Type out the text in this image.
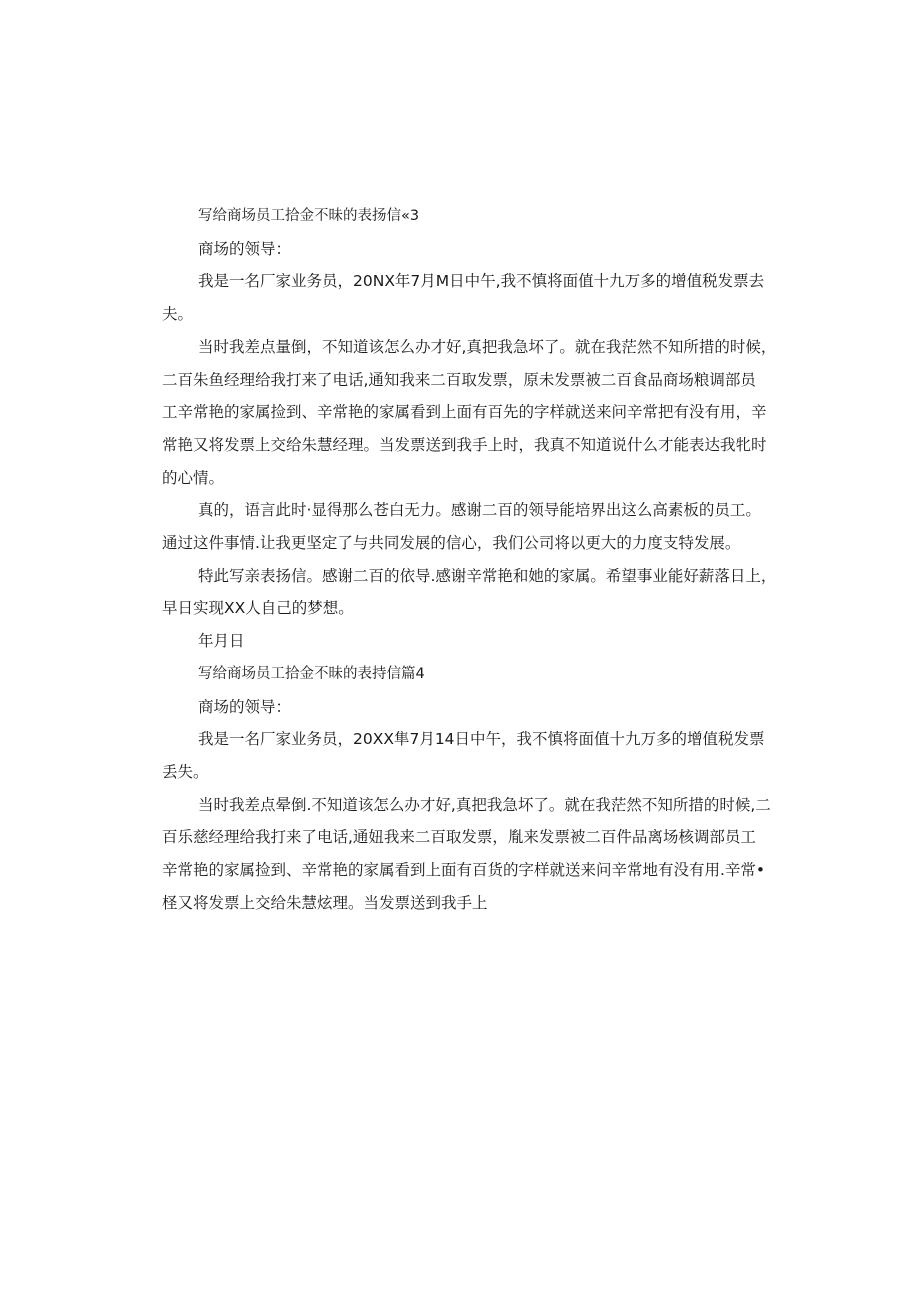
写给商场员工拾金不昧的表扬信«3

商场的领导：

我是一名厂家业务员，20NX年7月M日中午,我不慎将面值十九万多的增值税发票去

夫。

当时我差点量倒，不知道该怎么办才好,真把我急坏了。就在我茫然不知所措的时候，

二百朱鱼经理给我打来了电话,通知我来二百取发票，原未发票被二百食品商场粮调部员

工辛常艳的家属捡到、辛常艳的家属看到上面有百先的字样就送来问辛常把有没有用，辛

常艳又将发票上交给朱慧经理。当发票送到我手上时，我真不知道说什么才能表达我牝时

的心情。

真的，语言此时·显得那么苍白无力。感谢二百的领导能培界出这么高素板的员工。

通过这件事情.让我更坚定了与共同发展的信心，我们公司将以更大的力度支特发展。

特此写亲表扬信。感谢二百的依导.感谢辛常艳和她的家属。希望事业能好薪落日上，

早日实现XX人自己的梦想。

年月日

写给商场员工拾金不昧的表持信篇4

商场的领导：

我是一名厂家业务员，20XX隼7月14日中午，我不慎将面值十九万多的增值税发票

丢失。

当时我差点晕倒.不知道该怎么办才好,真把我急坏了。就在我茫然不知所措的时候,二

百乐慈经理给我打来了电话,通妞我来二百取发票，胤来发票被二百件品离场核调部员工

辛常艳的家属捡到、辛常艳的家属看到上面有百货的字样就送来问辛常地有没有用.辛常•

柽又将发票上交给朱慧炫理。当发票送到我手上
